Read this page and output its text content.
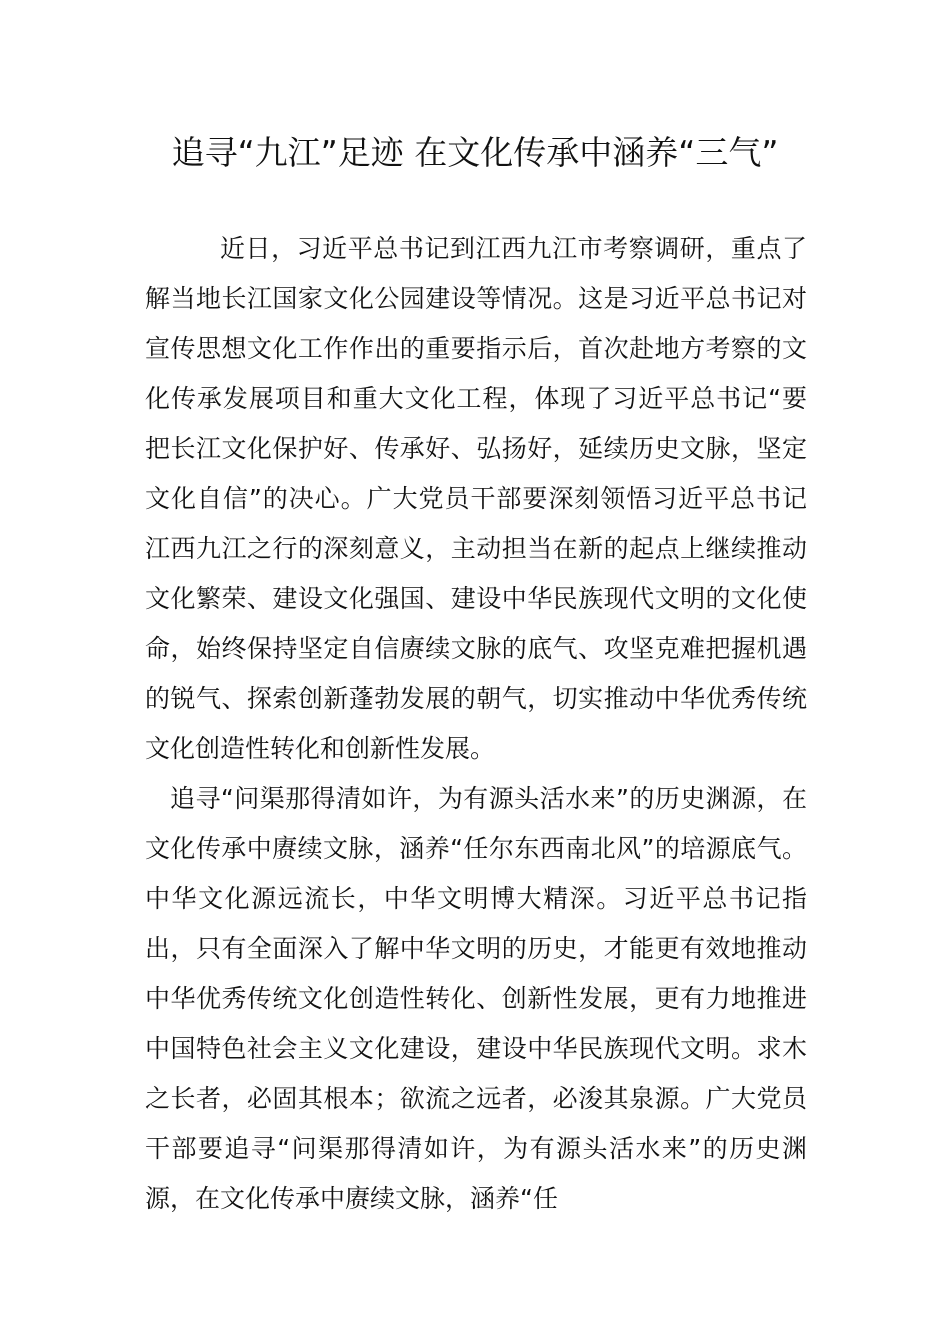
追寻“九江”足迹 在文化传承中涵养“三气”

近日，习近平总书记到江西九江市考察调研，重点了解当地长江国家文化公园建设等情况。这是习近平总书记对宣传思想文化工作作出的重要指示后，首次赴地方考察的文化传承发展项目和重大文化工程，体现了习近平总书记“要把长江文化保护好、传承好、弘扬好，延续历史文脉，坚定文化自信”的决心。广大党员干部要深刻领悟习近平总书记江西九江之行的深刻意义，主动担当在新的起点上继续推动文化繁荣、建设文化强国、建设中华民族现代文明的文化使命，始终保持坚定自信赓续文脉的底气、攻坚克难把握机遇的锐气、探索创新蓬勃发展的朝气，切实推动中华优秀传统文化创造性转化和创新性发展。

追寻“问渠那得清如许，为有源头活水来”的历史渊源，在文化传承中赓续文脉，涵养“任尔东西南北风”的培源底气。中华文化源远流长，中华文明博大精深。习近平总书记指出，只有全面深入了解中华文明的历史，才能更有效地推动中华优秀传统文化创造性转化、创新性发展，更有力地推进中国特色社会主义文化建设，建设中华民族现代文明。求木之长者，必固其根本；欲流之远者，必浚其泉源。广大党员干部要追寻“问渠那得清如许，为有源头活水来”的历史渊源，在文化传承中赓续文脉，涵养“任
